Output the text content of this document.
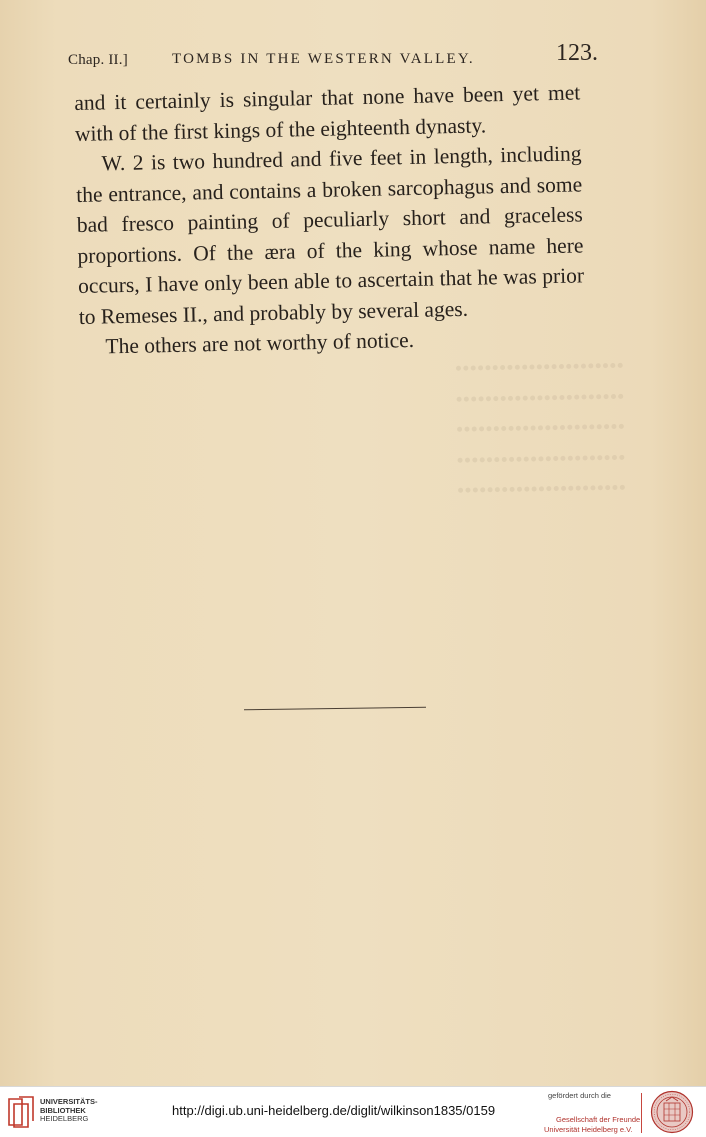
•••••••••••••••••••••••
•••••••••••••••••••••••
•••••••••••••••••••••••
•••••••••••••••••••••••
•••••••••••••••••••••••
Chap. II.]	TOMBS IN THE WESTERN VALLEY.	123.

and it certainly is singular that none have been yet met with of the first kings of the eighteenth dynasty.

W. 2 is two hundred and five feet in length, including the entrance, and contains a broken sarcophagus and some bad fresco painting of peculiarly short and graceless proportions. Of the æra of the king whose name here occurs, I have only been able to ascertain that he was prior to Remeses II., and probably by several ages.

The others are not worthy of notice.

UNIVERSITÄTS-
BIBLIOTHEK
HEIDELBERG
http://digi.ub.uni-heidelberg.de/diglit/wilkinson1835/0159
gefördert durch die
Gesellschaft der Freunde
Universität Heidelberg e.V.
